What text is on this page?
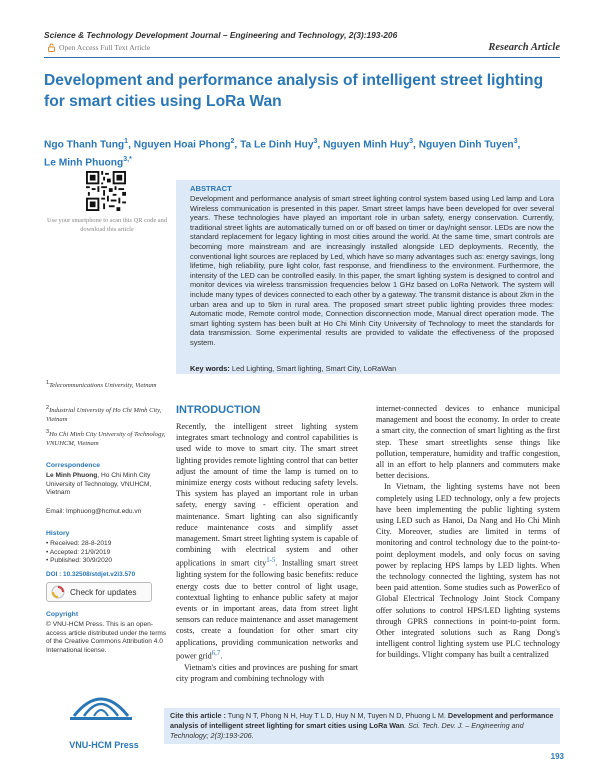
Science & Technology Development Journal – Engineering and Technology, 2(3):193-206
Open Access Full Text Article	Research Article
Development and performance analysis of intelligent street lighting for smart cities using LoRa Wan
Ngo Thanh Tung$^1$, Nguyen Hoai Phong$^2$, Ta Le Dinh Huy$^3$, Nguyen Minh Huy$^3$, Nguyen Dinh Tuyen$^3$,
Le Minh Phuong$^{3,*}$
Use your smartphone to scan this QR code and download this article
ABSTRACT
Development and performance analysis of smart street lighting control system based using Led lamp and Lora Wireless communication is presented in this paper. Smart street lamps have been developed for over several years. These technologies have played an important role in urban safety, energy conservation. Currently, traditional street lights are automatically turned on or off based on timer or day/night sensor. LEDs are now the standard replacement for legacy lighting in most cities around the world. At the same time, smart controls are becoming more mainstream and are increasingly installed alongside LED deployments. Recently, the conventional light sources are replaced by Led, which have so many advantages such as: energy savings, long lifetime, high reliability, pure light color, fast response, and friendliness to the environment. Furthermore, the intensity of the LED can be controlled easily. In this paper, the smart lighting system is designed to control and monitor devices via wireless transmission frequencies below 1 GHz based on LoRa Network. The system will include many types of devices connected to each other by a gateway. The transmit distance is about 2km in the urban area and up to 5km in rural area. The proposed smart street public lighting provides three modes: Automatic mode, Remote control mode, Connection disconnection mode, Manual direct operation mode. The smart lighting system has been built at Ho Chi Minh City University of Technology to meet the standards for data transmission. Some experimental results are provided to validate the effectiveness of the proposed system.
Key words: Led Lighting, Smart lighting, Smart City, LoRaWan
$^1$Telecommunications University, Vietnam
$^2$Industrial University of Ho Chi Minh City, Vietnam
$^3$Ho Chi Minh City University of Technology, VNUHCM, Vietnam
Correspondence
Le Minh Phuong, Ho Chi Minh City University of Technology, VNUHCM, Vietnam
Email: lmphuong@hcmut.edu.vn
History
• Received: 28-8-2019
• Accepted: 21/9/2019
• Published: 30/9/2020
DOI : 10.32508/stdjet.v2i3.570
Check for updates
Copyright
© VNU-HCM Press. This is an open-access article distributed under the terms of the Creative Commons Attribution 4.0 International license.
VNU-HCM Press
INTRODUCTION

Recently, the intelligent street lighting system integrates smart technology and control capabilities is used wide to move to smart city. The smart street lighting provides remote lighting control that can better adjust the amount of time the lamp is turned on to minimize energy costs without reducing safety levels. This system has played an important role in urban safety, energy saving - efficient operation and maintenance. Smart lighting can also significantly reduce maintenance costs and simplify asset management. Smart street lighting system is capable of combining with electrical system and other applications in smart city$^{1-5}$. Installing smart street lighting system for the following basic benefits: reduce energy costs due to better control of light usage, contextual lighting to enhance public safety at major events or in important areas, data from street light sensors can reduce maintenance and asset management costs, create a foundation for other smart city applications, providing communication networks and power grid$^{6,7}$.

Vietnam's cities and provinces are pushing for smart city program and combining technology with

internet-connected devices to enhance municipal management and boost the economy. In order to create a smart city, the connection of smart lighting as the first step. These smart streetlights sense things like pollution, temperature, humidity and traffic congestion, all in an effort to help planners and commuters make better decisions.

In Vietnam, the lighting systems have not been completely using LED technology, only a few projects have been implementing the public lighting system using LED such as Hanoi, Da Nang and Ho Chi Minh City. Moreover, studies are limited in terms of monitoring and control technology due to the point-to-point deployment models, and only focus on saving power by replacing HPS lamps by LED lights. When the technology connected the lighting, system has not been paid attention. Some studies such as PowerEco of Global Electrical Technology Joint Stock Company offer solutions to control HPS/LED lighting systems through GPRS connections in point-to-point form. Other integrated solutions such as Rang Dong's intelligent control lighting system use PLC technology for buildings. Vlight company has built a centralized

Cite this article : Tung N T, Phong N H, Huy T L D, Huy N M, Tuyen N D, Phuong L M. Development and performance analysis of intelligent street lighting for smart cities using LoRa Wan. Sci. Tech. Dev. J. – Engineering and Technology; 2(3):193-206.
193
